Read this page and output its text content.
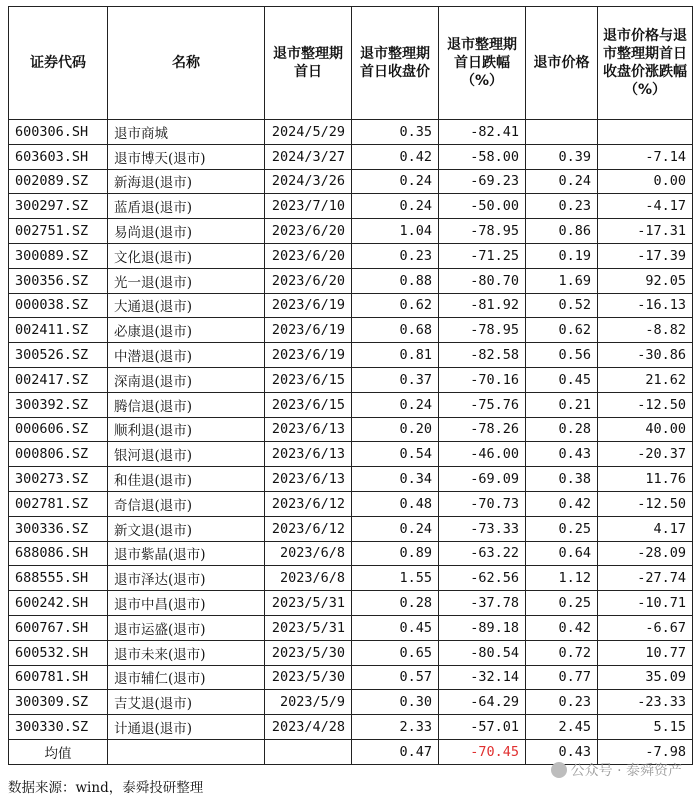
证券代码	名称	退市整理期首日	退市整理期首日收盘价	退市整理期首日跌幅（%）	退市价格	退市价格与退市整理期首日收盘价涨跌幅（%）
600306.SH	退市商城	2024/5/29	0.35	-82.41		
603603.SH	退市博天(退市)	2024/3/27	0.42	-58.00	0.39	-7.14
002089.SZ	新海退(退市)	2024/3/26	0.24	-69.23	0.24	0.00
300297.SZ	蓝盾退(退市)	2023/7/10	0.24	-50.00	0.23	-4.17
002751.SZ	易尚退(退市)	2023/6/20	1.04	-78.95	0.86	-17.31
300089.SZ	文化退(退市)	2023/6/20	0.23	-71.25	0.19	-17.39
300356.SZ	光一退(退市)	2023/6/20	0.88	-80.70	1.69	92.05
000038.SZ	大通退(退市)	2023/6/19	0.62	-81.92	0.52	-16.13
002411.SZ	必康退(退市)	2023/6/19	0.68	-78.95	0.62	-8.82
300526.SZ	中潜退(退市)	2023/6/19	0.81	-82.58	0.56	-30.86
002417.SZ	深南退(退市)	2023/6/15	0.37	-70.16	0.45	21.62
300392.SZ	腾信退(退市)	2023/6/15	0.24	-75.76	0.21	-12.50
000606.SZ	顺利退(退市)	2023/6/13	0.20	-78.26	0.28	40.00
000806.SZ	银河退(退市)	2023/6/13	0.54	-46.00	0.43	-20.37
300273.SZ	和佳退(退市)	2023/6/13	0.34	-69.09	0.38	11.76
002781.SZ	奇信退(退市)	2023/6/12	0.48	-70.73	0.42	-12.50
300336.SZ	新文退(退市)	2023/6/12	0.24	-73.33	0.25	4.17
688086.SH	退市紫晶(退市)	2023/6/8	0.89	-63.22	0.64	-28.09
688555.SH	退市泽达(退市)	2023/6/8	1.55	-62.56	1.12	-27.74
600242.SH	退市中昌(退市)	2023/5/31	0.28	-37.78	0.25	-10.71
600767.SH	退市运盛(退市)	2023/5/31	0.45	-89.18	0.42	-6.67
600532.SH	退市未来(退市)	2023/5/30	0.65	-80.54	0.72	10.77
600781.SH	退市辅仁(退市)	2023/5/30	0.57	-32.14	0.77	35.09
300309.SZ	吉艾退(退市)	2023/5/9	0.30	-64.29	0.23	-23.33
300330.SZ	计通退(退市)	2023/4/28	2.33	-57.01	2.45	5.15
均值			0.47	-70.45	0.43	-7.98
数据来源：wind，泰舜投研整理
公众号 · 泰舜资产
